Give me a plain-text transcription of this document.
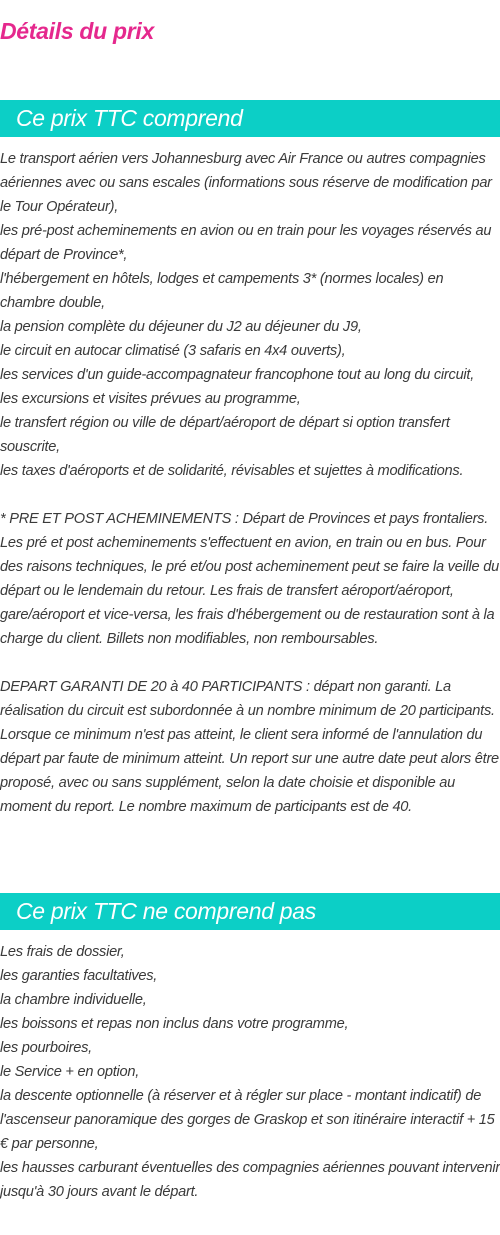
Détails du prix
Ce prix TTC comprend
Le transport aérien vers Johannesburg avec Air France ou autres compagnies aériennes avec ou sans escales (informations sous réserve de modification par le Tour Opérateur),
les pré-post acheminements en avion ou en train pour les voyages réservés au départ de Province*,
l'hébergement en hôtels, lodges et campements 3* (normes locales) en chambre double,
la pension complète du déjeuner du J2 au déjeuner du J9,
le circuit en autocar climatisé (3 safaris en 4x4 ouverts),
les services d'un guide-accompagnateur francophone tout au long du circuit,
les excursions et visites prévues au programme,
le transfert région ou ville de départ/aéroport de départ si option transfert souscrite,
les taxes d'aéroports et de solidarité, révisables et sujettes à modifications.

* PRE ET POST ACHEMINEMENTS : Départ de Provinces et pays frontaliers. Les pré et post acheminements s'effectuent en avion, en train ou en bus. Pour des raisons techniques, le pré et/ou post acheminement peut se faire la veille du départ ou le lendemain du retour. Les frais de transfert aéroport/aéroport, gare/aéroport et vice-versa, les frais d'hébergement ou de restauration sont à la charge du client. Billets non modifiables, non remboursables.

DEPART GARANTI DE 20 à 40 PARTICIPANTS : départ non garanti. La réalisation du circuit est subordonnée à un nombre minimum de 20 participants. Lorsque ce minimum n'est pas atteint, le client sera informé de l'annulation du départ par faute de minimum atteint. Un report sur une autre date peut alors être proposé, avec ou sans supplément, selon la date choisie et disponible au moment du report. Le nombre maximum de participants est de 40.

Ce prix TTC ne comprend pas
Les frais de dossier,
les garanties facultatives,
la chambre individuelle,
les boissons et repas non inclus dans votre programme,
les pourboires,
le Service + en option,
la descente optionnelle (à réserver et à régler sur place - montant indicatif) de l'ascenseur panoramique des gorges de Graskop et son itinéraire interactif + 15 € par personne,
les hausses carburant éventuelles des compagnies aériennes pouvant intervenir jusqu'à 30 jours avant le départ.
